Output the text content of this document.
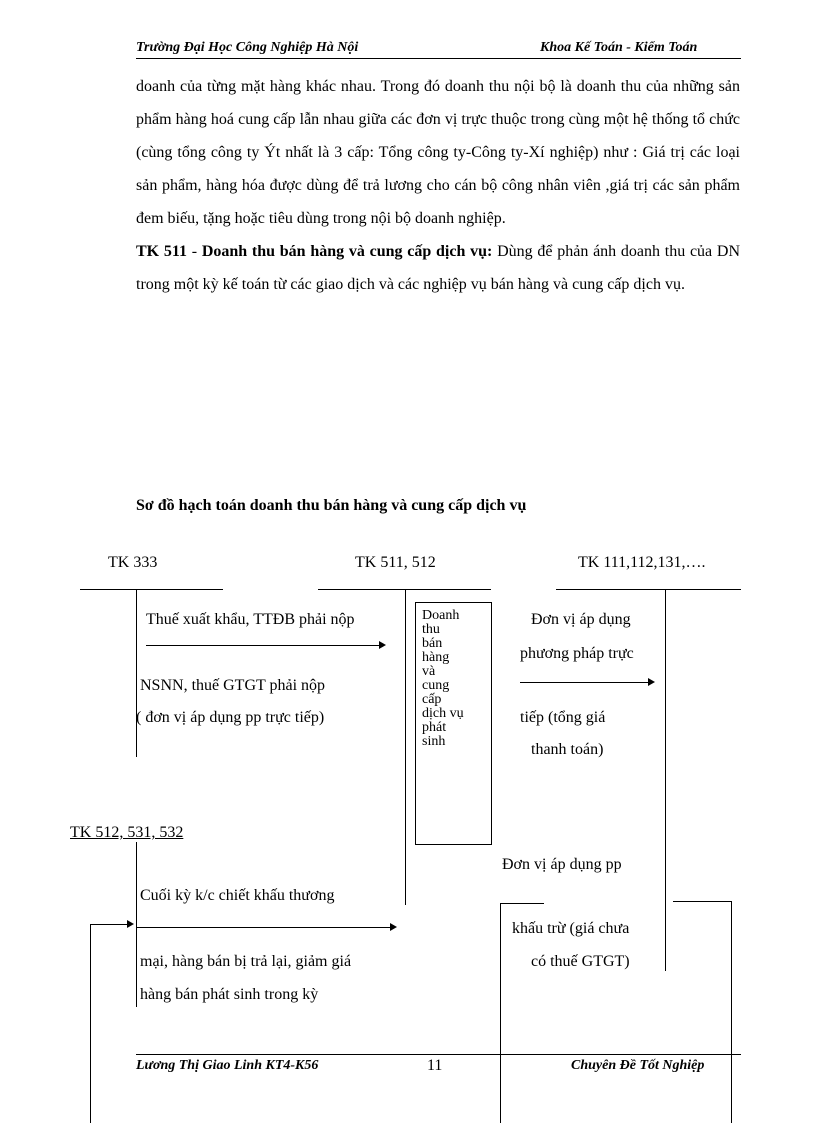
Trường Đại Học Công Nghiệp Hà Nội	Khoa Kế Toán - Kiểm Toán

doanh của từng mặt hàng khác nhau. Trong đó doanh thu nội bộ là doanh thu của những sản phẩm hàng hoá cung cấp lẫn nhau giữa các đơn vị trực thuộc trong cùng một hệ thống tổ chức (cùng tổng công ty Ýt nhất là 3 cấp: Tổng công ty-Công ty-Xí nghiệp) như : Giá trị các loại sản phẩm, hàng hóa được dùng để trả lương cho cán bộ công nhân viên ,giá trị các sản phẩm đem biếu, tặng hoặc tiêu dùng trong nội bộ doanh nghiệp.

TK 511 - Doanh thu bán hàng và cung cấp dịch vụ: Dùng để phản ánh doanh thu của DN trong một kỳ kế toán từ các giao dịch và các nghiệp vụ bán hàng và cung cấp dịch vụ.

Sơ đồ hạch toán doanh thu bán hàng và cung cấp dịch vụ
TK 333	TK 511, 512	TK 111,112,131,….
Thuế xuất khẩu, TTĐB phải nộp
NSNN, thuế GTGT phải nộp
( đơn vị áp dụng pp trực tiếp)
Doanh
thu
bán
hàng
và
cung
cấp
dịch vụ
phát
sinh
Đơn vị áp dụng
phương pháp trực
tiếp (tổng giá
thanh toán)
TK 512, 531, 532
Đơn vị áp dụng pp
khấu trừ (giá chưa
có thuế GTGT)
Cuối kỳ k/c chiết khấu thương
mại, hàng bán bị trả lại, giảm giá
hàng bán phát sinh trong kỳ
Lương Thị Giao Linh KT4-K56	11	Chuyên Đề Tốt Nghiệp
